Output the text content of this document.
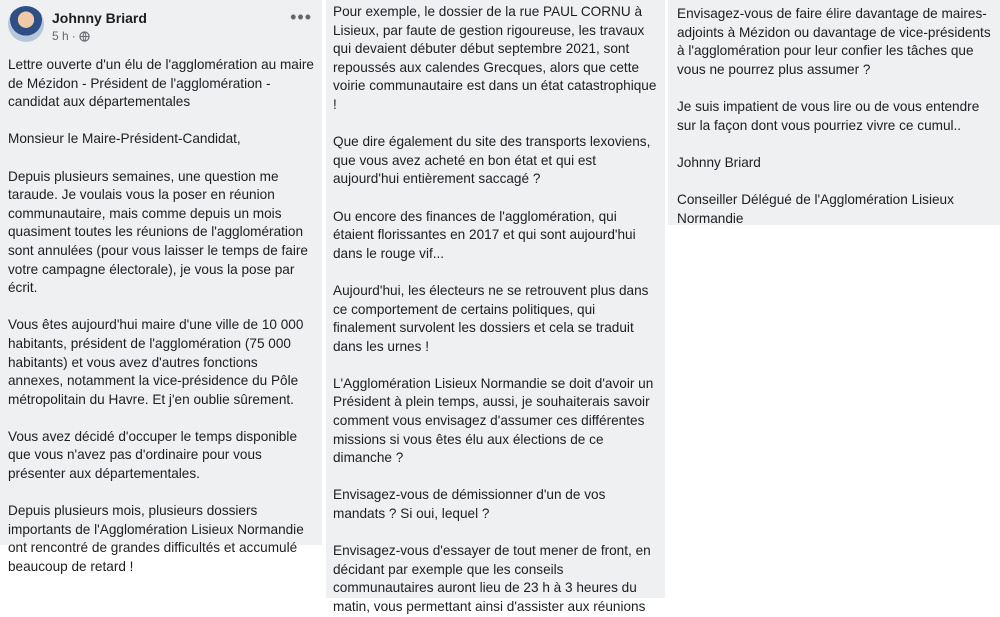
Johnny Briard
5 h ·
•••

Lettre ouverte d'un élu de l'agglomération au maire de Mézidon - Président de l'agglomération - candidat aux départementales

Monsieur le Maire-Président-Candidat,

Depuis plusieurs semaines, une question me taraude. Je voulais vous la poser en réunion communautaire, mais comme depuis un mois quasiment toutes les réunions de l'agglomération sont annulées (pour vous laisser le temps de faire votre campagne électorale), je vous la pose par écrit.

Vous êtes aujourd'hui maire d'une ville de 10 000 habitants, président de l'agglomération (75 000 habitants) et vous avez d'autres fonctions annexes, notamment la vice-présidence du Pôle métropolitain du Havre. Et j'en oublie sûrement.

Vous avez décidé d'occuper le temps disponible que vous n'avez pas d'ordinaire pour vous présenter aux départementales.

Depuis plusieurs mois, plusieurs dossiers importants de l'Agglomération Lisieux Normandie ont rencontré de grandes difficultés et accumulé beaucoup de retard !

Pour exemple, le dossier de la rue PAUL CORNU à Lisieux, par faute de gestion rigoureuse, les travaux qui devaient débuter début septembre 2021, sont repoussés aux calendes Grecques, alors que cette voirie communautaire est dans un état catastrophique !

Que dire également du site des transports lexoviens, que vous avez acheté en bon état et qui est aujourd'hui entièrement saccagé ?

Ou encore des finances de l'agglomération, qui étaient florissantes en 2017 et qui sont aujourd'hui dans le rouge vif...

Aujourd'hui, les électeurs ne se retrouvent plus dans ce comportement de certains politiques, qui finalement survolent les dossiers et cela se traduit dans les urnes !

L'Agglomération Lisieux Normandie se doit d'avoir un Président à plein temps, aussi, je souhaiterais savoir comment vous envisagez d'assumer ces différentes missions si vous êtes élu aux élections de ce dimanche ?

Envisagez-vous de démissionner d'un de vos mandats ? Si oui, lequel ?

Envisagez-vous d'essayer de tout mener de front, en décidant par exemple que les conseils communautaires auront lieu de 23 h à 3 heures du matin, vous permettant ainsi d'assister aux réunions

Envisagez-vous de faire élire davantage de maires-adjoints à Mézidon ou davantage de vice-présidents à l'agglomération pour leur confier les tâches que vous ne pourrez plus assumer ?

Je suis impatient de vous lire ou de vous entendre sur la façon dont vous pourriez vivre ce cumul..

Johnny Briard

Conseiller Délégué de l'Agglomération Lisieux Normandie
